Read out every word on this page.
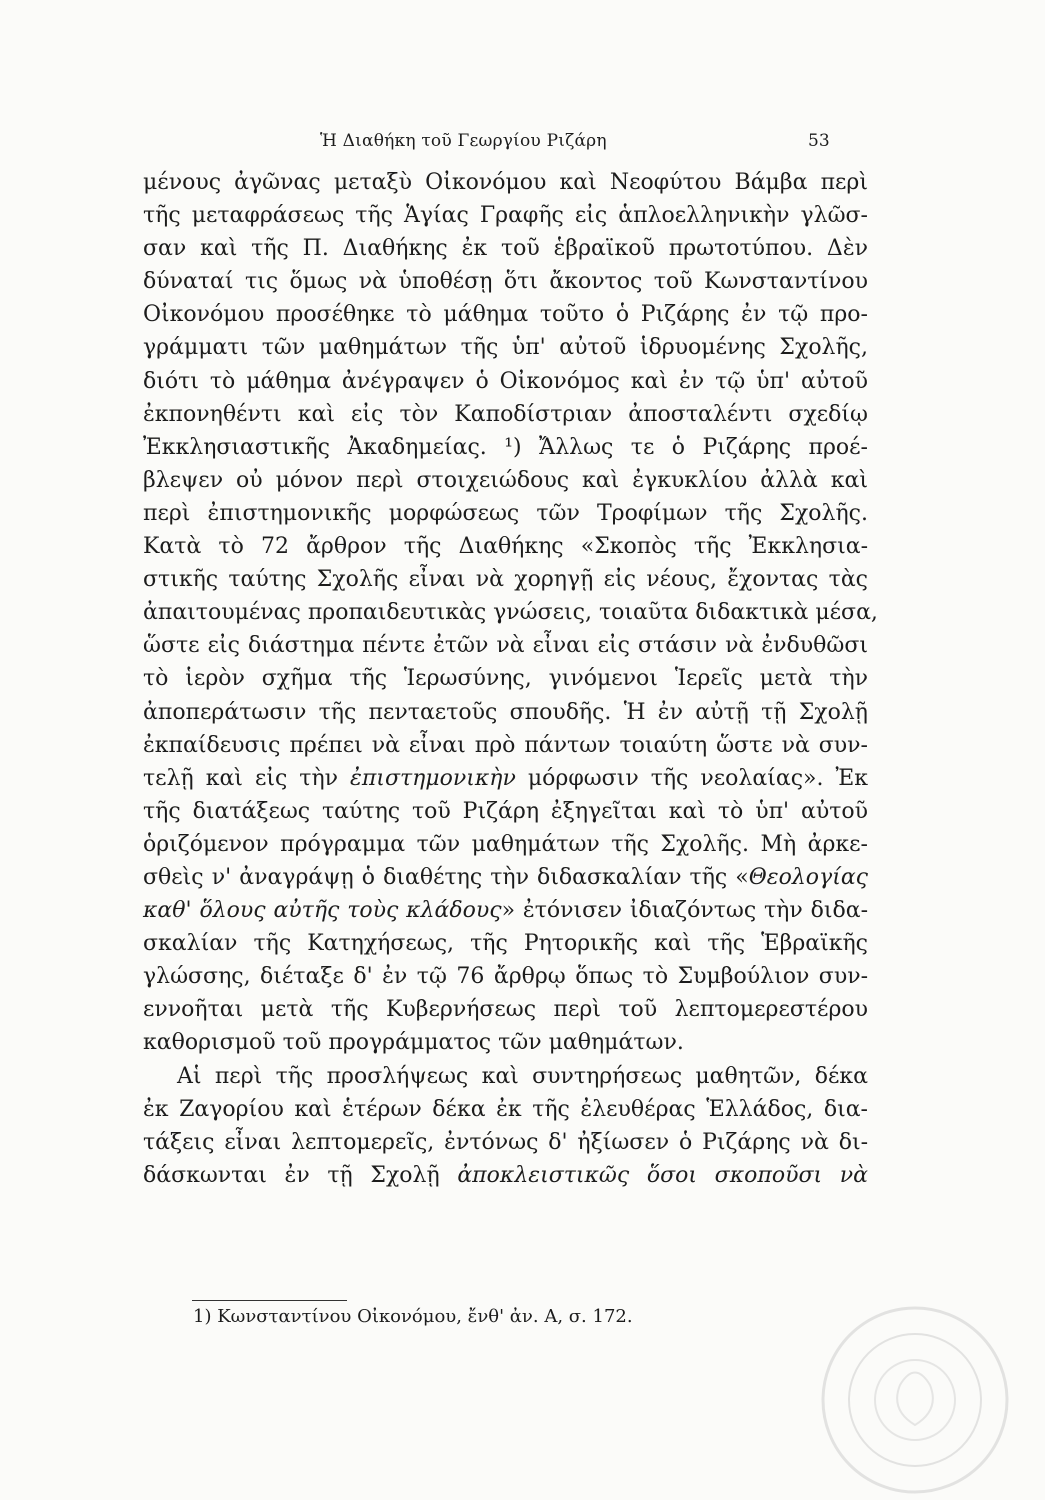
Ἡ Διαθήκη τοῦ Γεωργίου Ριζάρη	53
μένους ἀγῶνας μεταξὺ Οἰκονόμου καὶ Νεοφύτου Βάμβα περὶ
τῆς μεταφράσεως τῆς Ἁγίας Γραφῆς εἰς ἁπλοελληνικὴν γλῶσ-
σαν καὶ τῆς Π. Διαθήκης ἐκ τοῦ ἑβραϊκοῦ πρωτοτύπου. Δὲν
δύναταί τις ὅμως νὰ ὑποθέσῃ ὅτι ἄκοντος τοῦ Κωνσταντίνου
Οἰκονόμου προσέθηκε τὸ μάθημα τοῦτο ὁ Ριζάρης ἐν τῷ προ-
γράμματι τῶν μαθημάτων τῆς ὑπ' αὐτοῦ ἱδρυομένης Σχολῆς,
διότι τὸ μάθημα ἀνέγραψεν ὁ Οἰκονόμος καὶ ἐν τῷ ὑπ' αὐτοῦ
ἐκπονηθέντι καὶ εἰς τὸν Καποδίστριαν ἀποσταλέντι σχεδίῳ
Ἐκκλησιαστικῆς Ἀκαδημείας. ¹) Ἄλλως τε ὁ Ριζάρης προέ-
βλεψεν οὐ μόνον περὶ στοιχειώδους καὶ ἐγκυκλίου ἀλλὰ καὶ
περὶ ἐπιστημονικῆς μορφώσεως τῶν Τροφίμων τῆς Σχολῆς.
Κατὰ τὸ 72 ἄρθρον τῆς Διαθήκης «Σκοπὸς τῆς Ἐκκλησια-
στικῆς ταύτης Σχολῆς εἶναι νὰ χορηγῇ εἰς νέους, ἔχοντας τὰς
ἀπαιτουμένας προπαιδευτικὰς γνώσεις, τοιαῦτα διδακτικὰ μέσα,
ὥστε εἰς διάστημα πέντε ἐτῶν νὰ εἶναι εἰς στάσιν νὰ ἐνδυθῶσι
τὸ ἱερὸν σχῆμα τῆς Ἱερωσύνης, γινόμενοι Ἱερεῖς μετὰ τὴν
ἀποπεράτωσιν τῆς πενταετοῦς σπουδῆς. Ἡ ἐν αὐτῇ τῇ Σχολῇ
ἐκπαίδευσις πρέπει νὰ εἶναι πρὸ πάντων τοιαύτη ὥστε νὰ συν-
τελῇ καὶ εἰς τὴν ἐπιστημονικὴν μόρφωσιν τῆς νεολαίας». Ἐκ
τῆς διατάξεως ταύτης τοῦ Ριζάρη ἐξηγεῖται καὶ τὸ ὑπ' αὐτοῦ
ὁριζόμενον πρόγραμμα τῶν μαθημάτων τῆς Σχολῆς. Μὴ ἀρκε-
σθεὶς ν' ἀναγράψῃ ὁ διαθέτης τὴν διδασκαλίαν τῆς «Θεολογίας
καθ' ὅλους αὐτῆς τοὺς κλάδους» ἐτόνισεν ἰδιαζόντως τὴν διδα-
σκαλίαν τῆς Κατηχήσεως, τῆς Ρητορικῆς καὶ τῆς Ἑβραϊκῆς
γλώσσης, διέταξε δ' ἐν τῷ 76 ἄρθρῳ ὅπως τὸ Συμβούλιον συν-
εννοῆται μετὰ τῆς Κυβερνήσεως περὶ τοῦ λεπτομερεστέρου
καθορισμοῦ τοῦ προγράμματος τῶν μαθημάτων.
Αἱ περὶ τῆς προσλήψεως καὶ συντηρήσεως μαθητῶν, δέκα
ἐκ Ζαγορίου καὶ ἑτέρων δέκα ἐκ τῆς ἐλευθέρας Ἑλλάδος, δια-
τάξεις εἶναι λεπτομερεῖς, ἐντόνως δ' ἠξίωσεν ὁ Ριζάρης νὰ δι-
δάσκωνται ἐν τῇ Σχολῇ ἀποκλειστικῶς ὅσοι σκοποῦσι νὰ
1) Κωνσταντίνου Οἰκονόμου, ἔνθ' ἀν. Α, σ. 172.
